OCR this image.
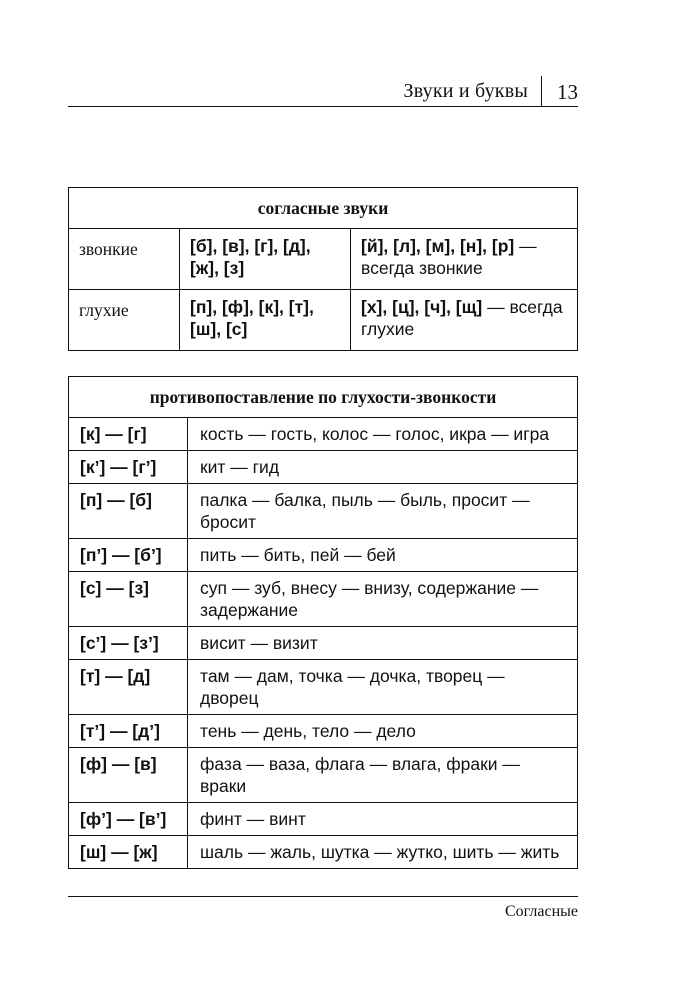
Звуки и буквы 13
согласные звуки		
звонкие	[б], [в], [г], [д], [ж], [з]	[й], [л], [м], [н], [р] — всегда звонкие
глухие	[п], [ф], [к], [т], [ш], [с]	[х], [ц], [ч], [щ] — всегда глухие
противопоставление по глухости-звонкости	
[к] — [г]	кость — гость, колос — голос, икра — игра
[к’] — [г’]	кит — гид
[п] — [б]	палка — балка, пыль — быль, просит — бросит
[п’] — [б’]	пить — бить, пей — бей
[с] — [з]	суп — зуб, внесу — внизу, содержание — задержание
[с’] — [з’]	висит — визит
[т] — [д]	там — дам, точка — дочка, творец — дворец
[т’] — [д’]	тень — день, тело — дело
[ф] — [в]	фаза — ваза, флага — влага, фраки — враки
[ф’] — [в’]	финт — винт
[ш] — [ж]	шаль — жаль, шутка — жутко, шить — жить
Согласные
